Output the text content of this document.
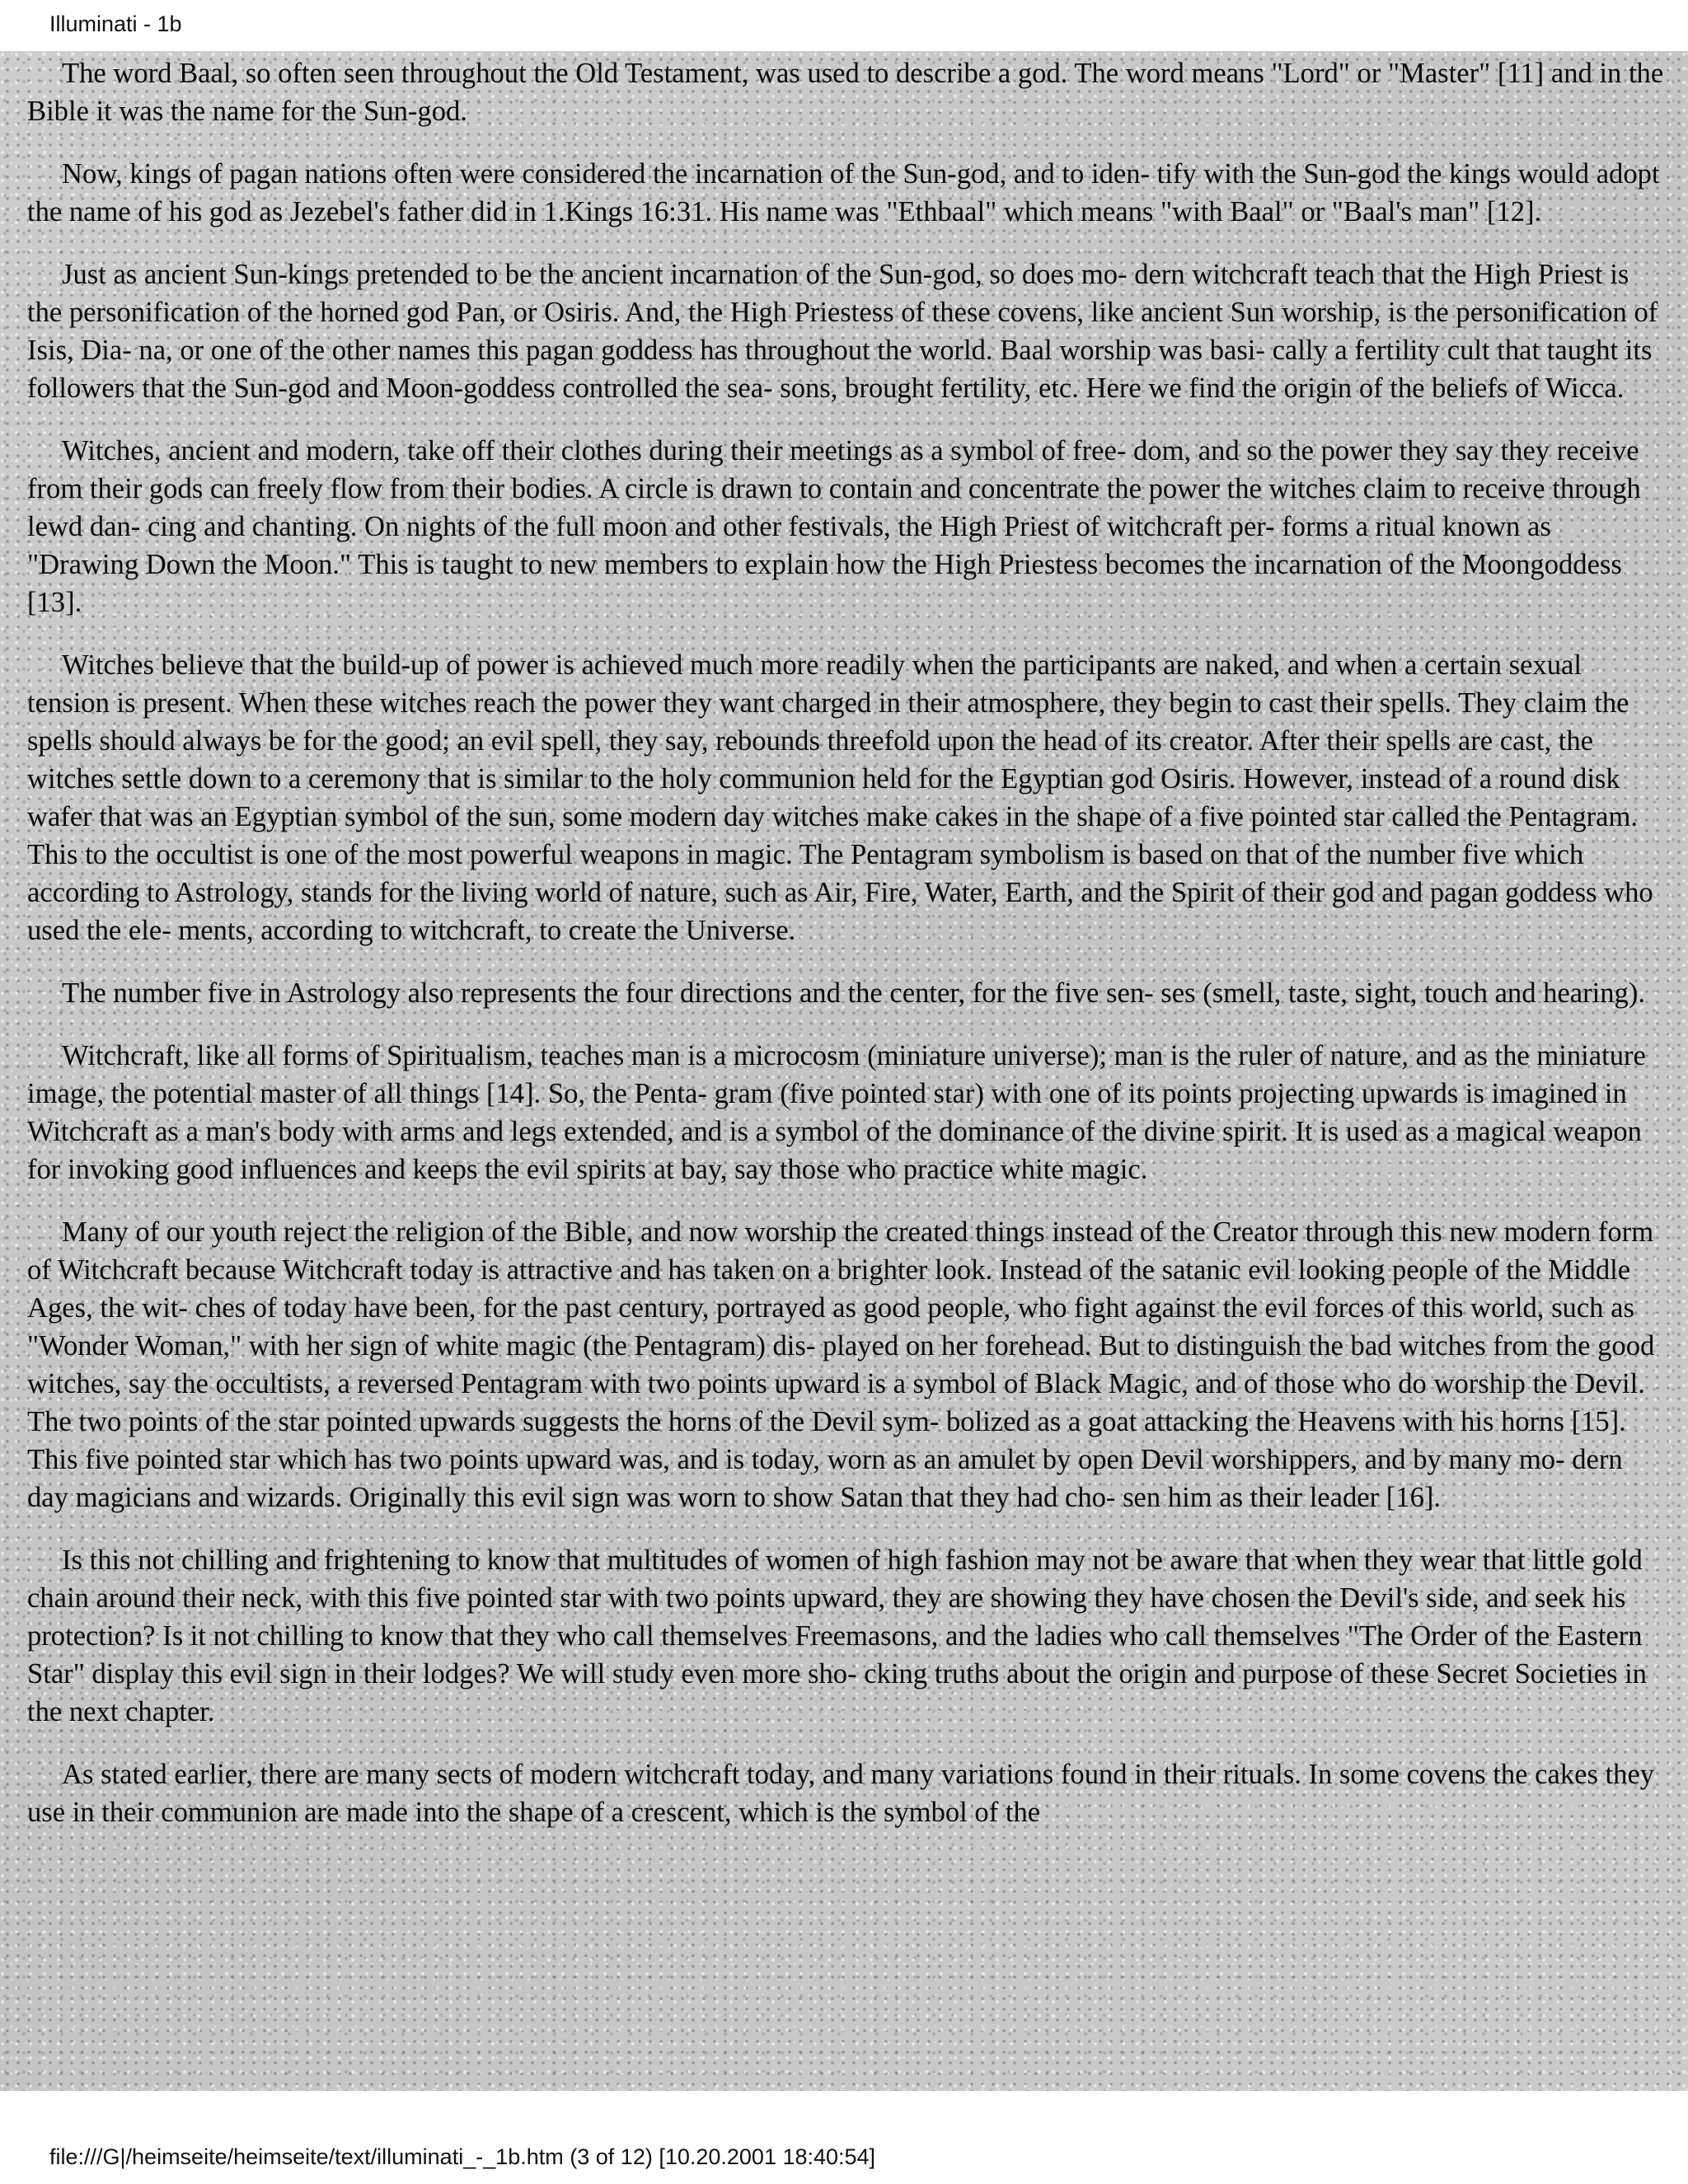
Illuminati - 1b

The word Baal, so often seen throughout the Old Testament, was used to describe a god. The word means "Lord" or "Master" [11] and in the Bible it was the name for the Sun-god.

Now, kings of pagan nations often were considered the incarnation of the Sun-god, and to iden- tify with the Sun-god the kings would adopt the name of his god as Jezebel's father did in 1.Kings 16:31. His name was "Ethbaal" which means "with Baal" or "Baal's man" [12].

Just as ancient Sun-kings pretended to be the ancient incarnation of the Sun-god, so does mo- dern witchcraft teach that the High Priest is the personification of the horned god Pan, or Osiris. And, the High Priestess of these covens, like ancient Sun worship, is the personification of Isis, Dia- na, or one of the other names this pagan goddess has throughout the world. Baal worship was basi- cally a fertility cult that taught its followers that the Sun-god and Moon-goddess controlled the sea- sons, brought fertility, etc. Here we find the origin of the beliefs of Wicca.

Witches, ancient and modern, take off their clothes during their meetings as a symbol of free- dom, and so the power they say they receive from their gods can freely flow from their bodies. A circle is drawn to contain and concentrate the power the witches claim to receive through lewd dan- cing and chanting. On nights of the full moon and other festivals, the High Priest of witchcraft per- forms a ritual known as "Drawing Down the Moon." This is taught to new members to explain how the High Priestess becomes the incarnation of the Moongoddess [13].

Witches believe that the build-up of power is achieved much more readily when the participants are naked, and when a certain sexual tension is present. When these witches reach the power they want charged in their atmosphere, they begin to cast their spells. They claim the spells should always be for the good; an evil spell, they say, rebounds threefold upon the head of its creator. After their spells are cast, the witches settle down to a ceremony that is similar to the holy communion held for the Egyptian god Osiris. However, instead of a round disk wafer that was an Egyptian symbol of the sun, some modern day witches make cakes in the shape of a five pointed star called the Pentagram. This to the occultist is one of the most powerful weapons in magic. The Pentagram symbolism is based on that of the number five which according to Astrology, stands for the living world of nature, such as Air, Fire, Water, Earth, and the Spirit of their god and pagan goddess who used the ele- ments, according to witchcraft, to create the Universe.

The number five in Astrology also represents the four directions and the center, for the five sen- ses (smell, taste, sight, touch and hearing).

Witchcraft, like all forms of Spiritualism, teaches man is a microcosm (miniature universe); man is the ruler of nature, and as the miniature image, the potential master of all things [14]. So, the Penta- gram (five pointed star) with one of its points projecting upwards is imagined in Witchcraft as a man's body with arms and legs extended, and is a symbol of the dominance of the divine spirit. It is used as a magical weapon for invoking good influences and keeps the evil spirits at bay, say those who practice white magic.

Many of our youth reject the religion of the Bible, and now worship the created things instead of the Creator through this new modern form of Witchcraft because Witchcraft today is attractive and has taken on a brighter look. Instead of the satanic evil looking people of the Middle Ages, the wit- ches of today have been, for the past century, portrayed as good people, who fight against the evil forces of this world, such as "Wonder Woman," with her sign of white magic (the Pentagram) dis- played on her forehead. But to distinguish the bad witches from the good witches, say the occultists, a reversed Pentagram with two points upward is a symbol of Black Magic, and of those who do worship the Devil. The two points of the star pointed upwards suggests the horns of the Devil sym- bolized as a goat attacking the Heavens with his horns [15]. This five pointed star which has two points upward was, and is today, worn as an amulet by open Devil worshippers, and by many mo- dern day magicians and wizards. Originally this evil sign was worn to show Satan that they had cho- sen him as their leader [16].

Is this not chilling and frightening to know that multitudes of women of high fashion may not be aware that when they wear that little gold chain around their neck, with this five pointed star with two points upward, they are showing they have chosen the Devil's side, and seek his protection? Is it not chilling to know that they who call themselves Freemasons, and the ladies who call themselves "The Order of the Eastern Star" display this evil sign in their lodges? We will study even more sho- cking truths about the origin and purpose of these Secret Societies in the next chapter.

As stated earlier, there are many sects of modern witchcraft today, and many variations found in their rituals. In some covens the cakes they use in their communion are made into the shape of a crescent, which is the symbol of the

file:///G|/heimseite/heimseite/text/illuminati_-_1b.htm (3 of 12) [10.20.2001 18:40:54]
